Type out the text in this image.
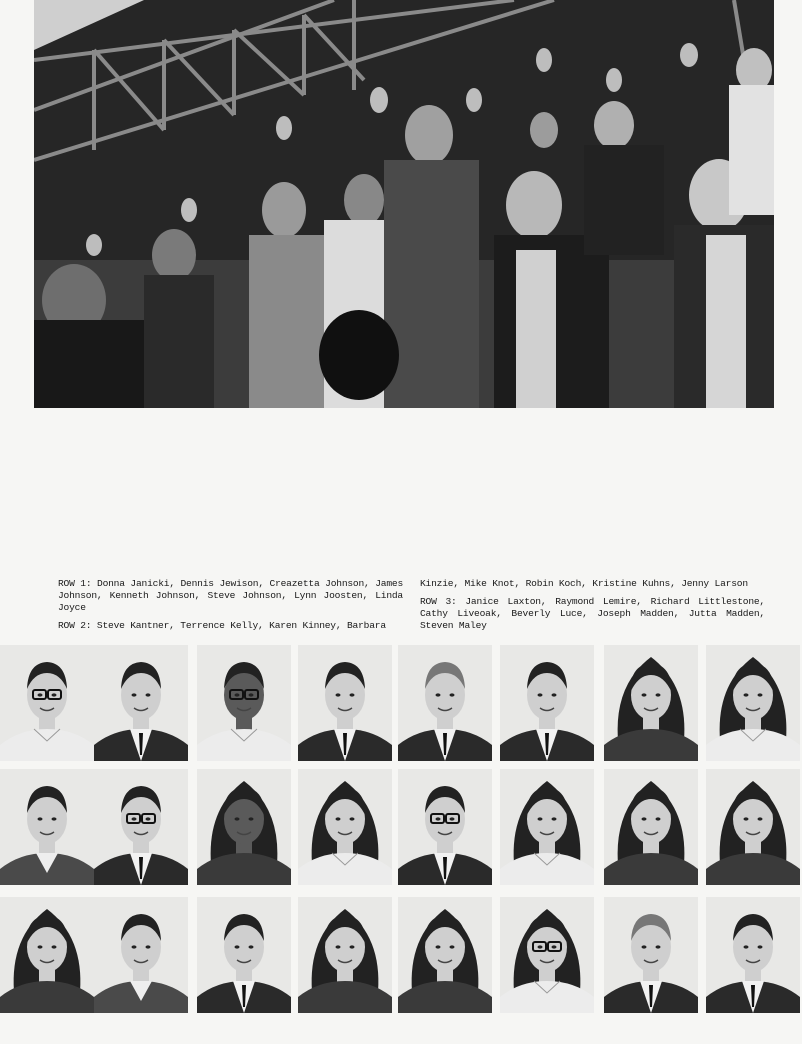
ROW 1: Donna Janicki, Dennis Jewison, Creazetta Johnson, James Johnson, Kenneth Johnson, Steve Johnson, Lynn Joosten, Linda Joyce

ROW 2: Steve Kantner, Terrence Kelly, Karen Kinney, Barbara

Kinzie, Mike Knot, Robin Koch, Kristine Kuhns, Jenny Larson

ROW 3: Janice Laxton, Raymond Lemire, Richard Littlestone, Cathy Liveoak, Beverly Luce, Joseph Madden, Jutta Madden, Steven Maley
